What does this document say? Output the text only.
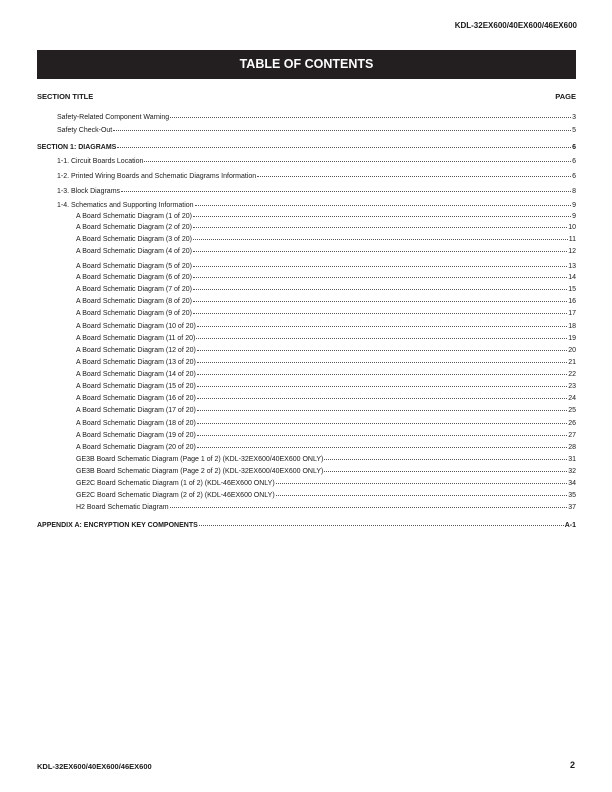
KDL-32EX600/40EX600/46EX600
TABLE OF CONTENTS
SECTION TITLE	PAGE
Safety-Related Component Warning	3
Safety Check-Out	5
SECTION 1: DIAGRAMS	6
1-1. Circuit Boards Location	6
1-2. Printed Wiring Boards and Schematic Diagrams Information	6
1-3. Block Diagrams	8
1-4. Schematics and Supporting Information	9
A Board Schematic Diagram (1 of 20)	9
A Board Schematic Diagram (2 of 20)	10
A Board Schematic Diagram (3 of 20)	11
A Board Schematic Diagram (4 of 20)	12
A Board Schematic Diagram (5 of 20)	13
A Board Schematic Diagram (6 of 20)	14
A Board Schematic Diagram (7 of 20)	15
A Board Schematic Diagram (8 of 20)	16
A Board Schematic Diagram (9 of 20)	17
A Board Schematic Diagram (10 of 20)	18
A Board Schematic Diagram (11 of 20)	19
A Board Schematic Diagram (12 of 20)	20
A Board Schematic Diagram (13 of 20)	21
A Board Schematic Diagram (14 of 20)	22
A Board Schematic Diagram (15 of 20)	23
A Board Schematic Diagram (16 of 20)	24
A Board Schematic Diagram (17 of 20)	25
A Board Schematic Diagram (18 of 20)	26
A Board Schematic Diagram (19 of 20)	27
A Board Schematic Diagram (20 of 20)	28
GE3B Board Schematic Diagram (Page 1 of 2) (KDL-32EX600/40EX600 ONLY)	31
GE3B Board Schematic Diagram (Page 2 of 2) (KDL-32EX600/40EX600 ONLY)	32
GE2C Board Schematic Diagram (1 of 2) (KDL-46EX600 ONLY)	34
GE2C Board Schematic Diagram (2 of 2) (KDL-46EX600 ONLY)	35
H2 Board Schematic Diagram	37
APPENDIX A: ENCRYPTION KEY COMPONENTS	A-1
KDL-32EX600/40EX600/46EX600	2
